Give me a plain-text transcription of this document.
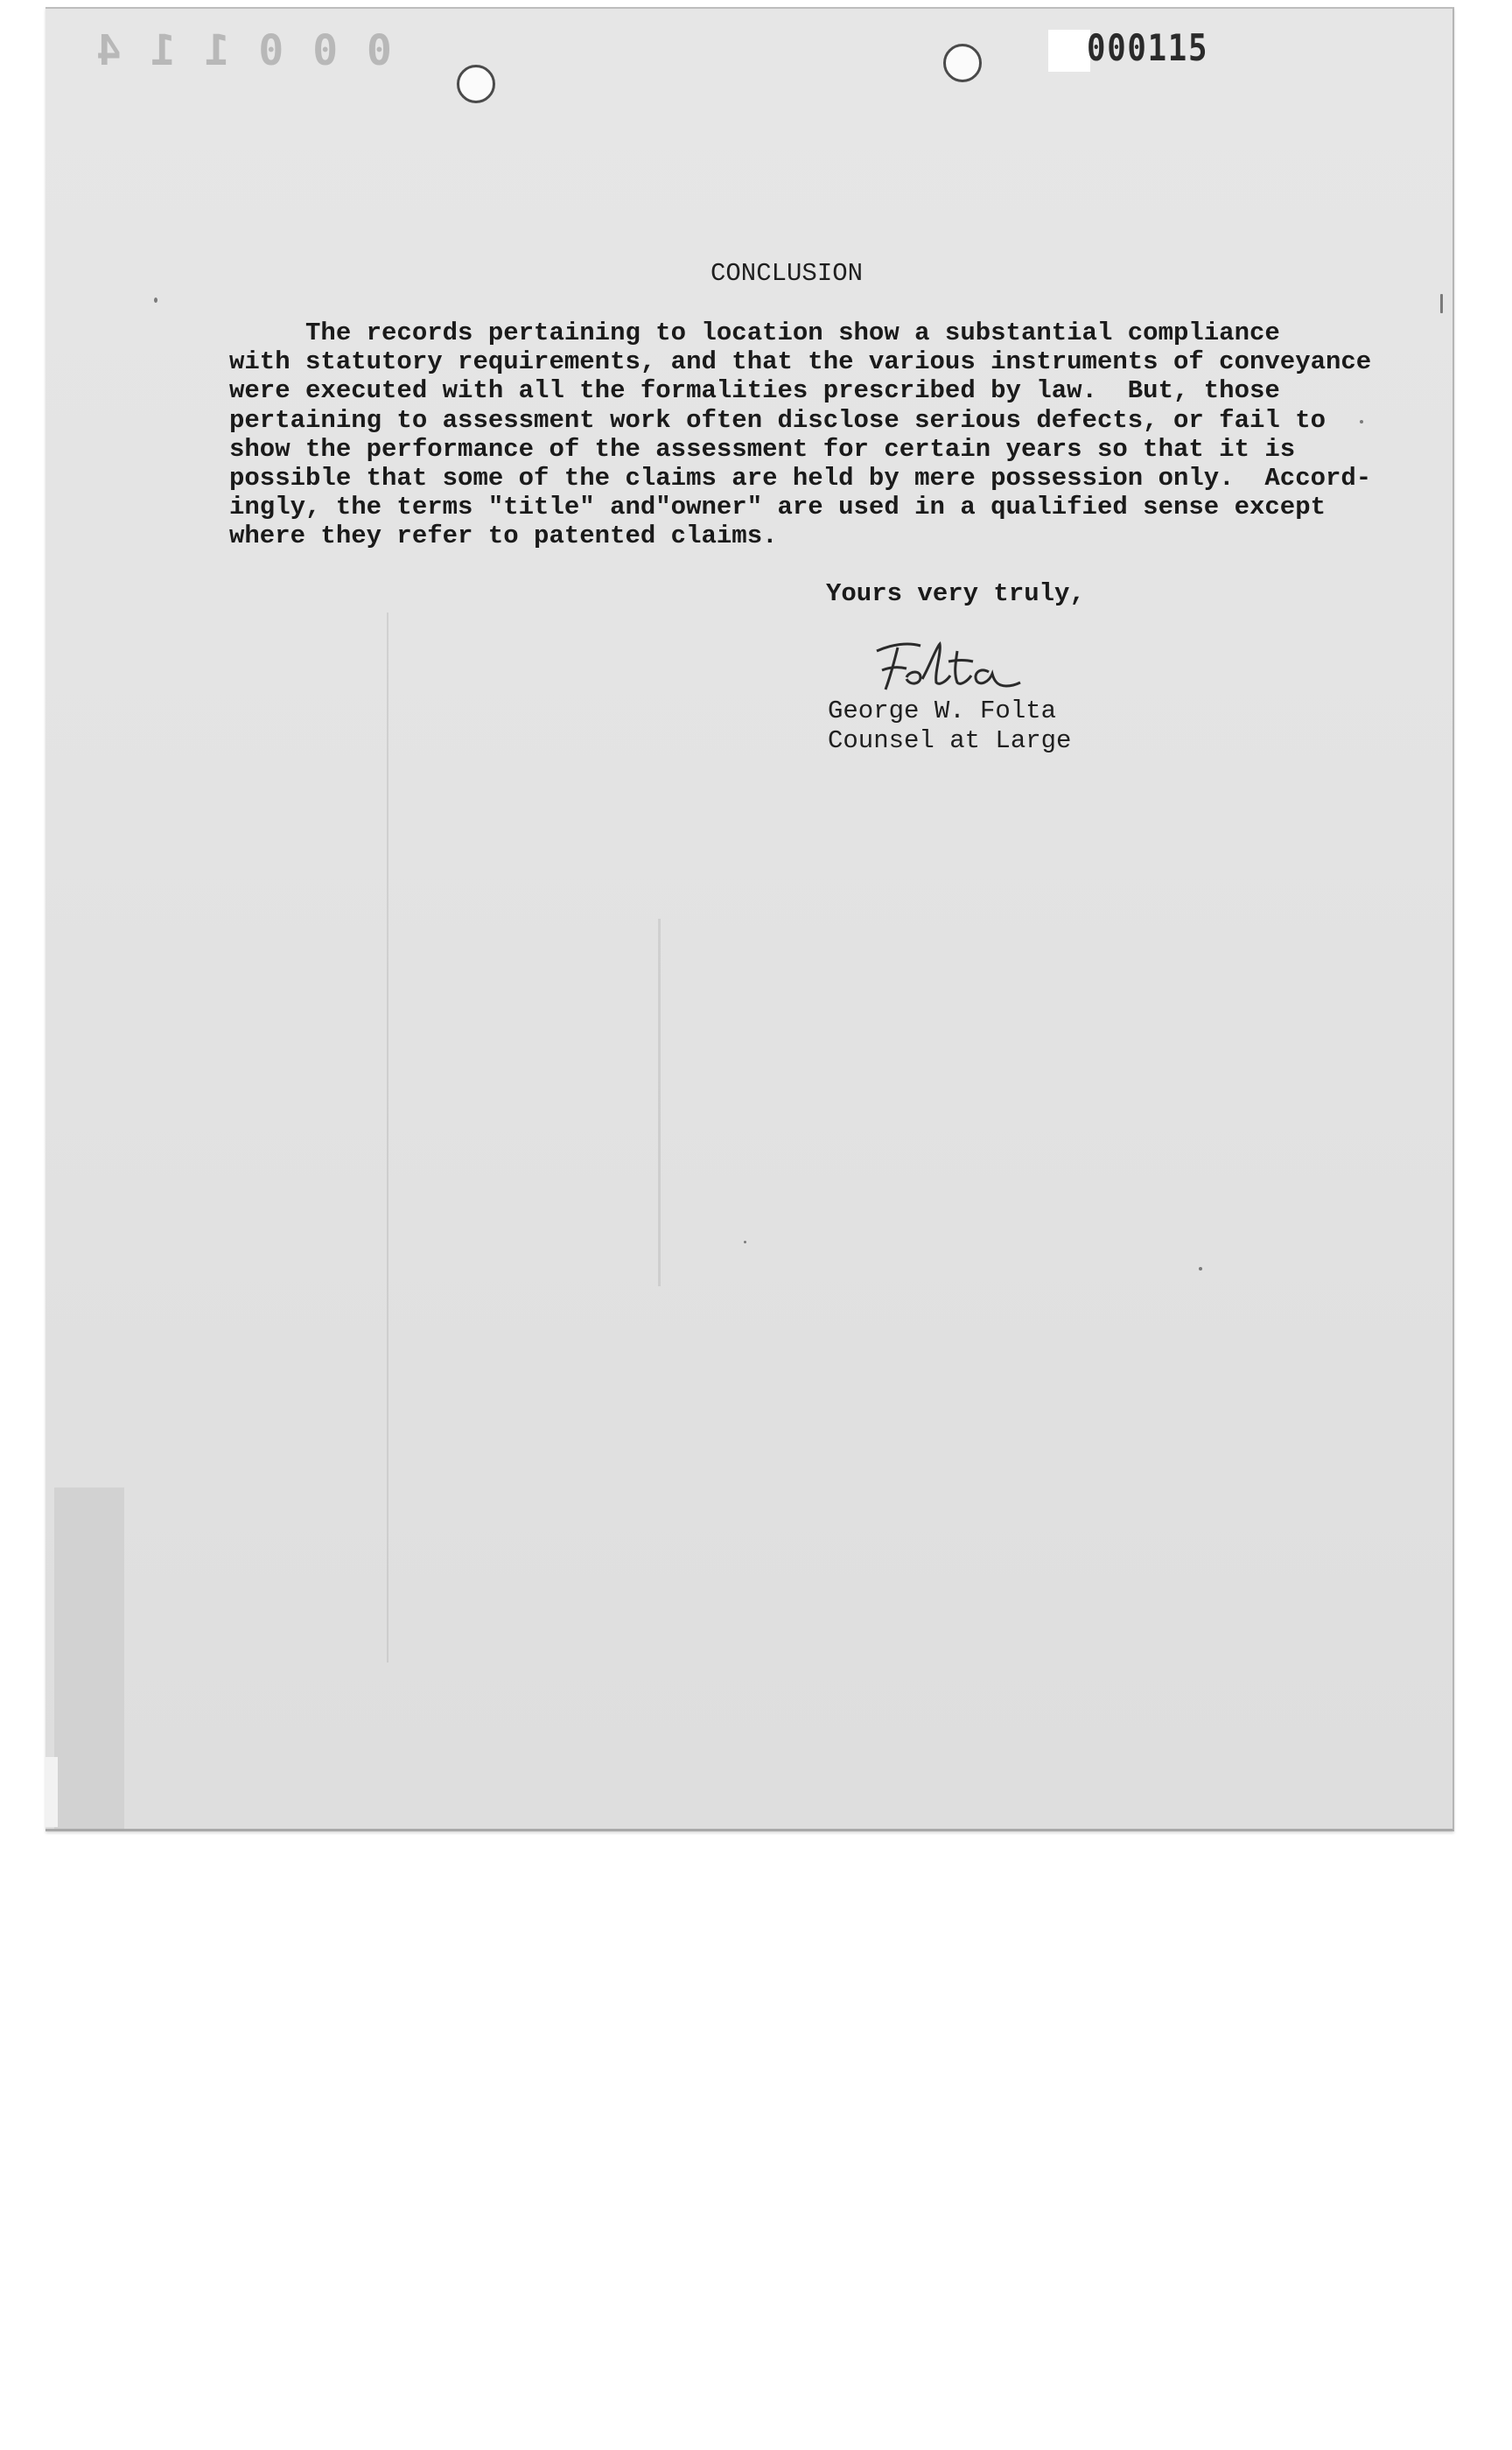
0 0 0 1 1 4	000115
CONCLUSION
The records pertaining to location show a substantial compliance
with statutory requirements, and that the various instruments of conveyance
were executed with all the formalities prescribed by law.  But, those
pertaining to assessment work often disclose serious defects, or fail to
show the performance of the assessment for certain years so that it is
possible that some of the claims are held by mere possession only.  Accord-
ingly, the terms "title" and"owner" are used in a qualified sense except
where they refer to patented claims.
Yours very truly,
George W. Folta
Counsel at Large
